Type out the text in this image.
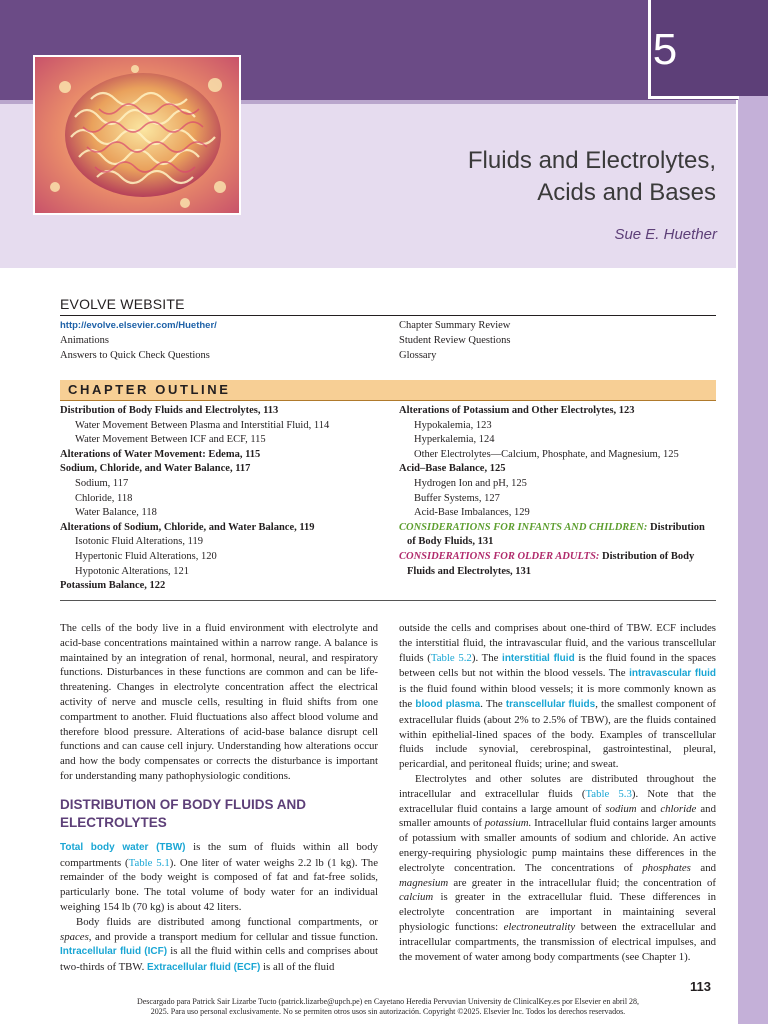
5
Fluids and Electrolytes,
Acids and Bases
Sue E. Huether
EVOLVE WEBSITE
http://evolve.elsevier.com/Huether/
Animations
Answers to Quick Check Questions
Chapter Summary Review
Student Review Questions
Glossary
CHAPTER OUTLINE
Distribution of Body Fluids and Electrolytes, 113
Water Movement Between Plasma and Interstitial Fluid, 114
Water Movement Between ICF and ECF, 115
Alterations of Water Movement: Edema, 115
Sodium, Chloride, and Water Balance, 117
Sodium, 117
Chloride, 118
Water Balance, 118
Alterations of Sodium, Chloride, and Water Balance, 119
Isotonic Fluid Alterations, 119
Hypertonic Fluid Alterations, 120
Hypotonic Alterations, 121
Potassium Balance, 122
Alterations of Potassium and Other Electrolytes, 123
Hypokalemia, 123
Hyperkalemia, 124
Other Electrolytes—Calcium, Phosphate, and Magnesium, 125
Acid–Base Balance, 125
Hydrogen Ion and pH, 125
Buffer Systems, 127
Acid-Base Imbalances, 129
CONSIDERATIONS FOR INFANTS AND CHILDREN: Distribution
of Body Fluids, 131
CONSIDERATIONS FOR OLDER ADULTS: Distribution of Body
Fluids and Electrolytes, 131
The cells of the body live in a fluid environment with electrolyte and acid-base concentrations maintained within a narrow range. A balance is maintained by an integration of renal, hormonal, neural, and respiratory functions. Disturbances in these functions are common and can be life-threatening. Changes in electrolyte concentration affect the electrical activity of nerve and muscle cells, resulting in fluid shifts from one compartment to another. Fluid fluctuations also affect blood volume and therefore blood pressure. Alterations of acid-base balance disrupt cell functions and can cause cell injury. Understanding how alterations occur and how the body compensates or corrects the disturbance is important for understanding many pathophysiologic conditions.
DISTRIBUTION OF BODY FLUIDS AND ELECTROLYTES
Total body water (TBW) is the sum of fluids within all body compartments (Table 5.1). One liter of water weighs 2.2 lb (1 kg). The remainder of the body weight is composed of fat and fat-free solids, particularly bone. The total volume of body water for an individual weighing 154 lb (70 kg) is about 42 liters.
Body fluids are distributed among functional compartments, or spaces, and provide a transport medium for cellular and tissue function. Intracellular fluid (ICF) is all the fluid within cells and comprises about two-thirds of TBW. Extracellular fluid (ECF) is all of the fluid
outside the cells and comprises about one-third of TBW. ECF includes the interstitial fluid, the intravascular fluid, and the various transcellular fluids (Table 5.2). The interstitial fluid is the fluid found in the spaces between cells but not within the blood vessels. The intravascular fluid is the fluid found within blood vessels; it is more commonly known as the blood plasma. The transcellular fluids, the smallest component of extracellular fluids (about 2% to 2.5% of TBW), are the fluids contained within epithelial-lined spaces of the body. Examples of transcellular fluids include synovial, cerebrospinal, gastrointestinal, pleural, pericardial, and peritoneal fluids; urine; and sweat.
Electrolytes and other solutes are distributed throughout the intracellular and extracellular fluids (Table 5.3). Note that the extracellular fluid contains a large amount of sodium and chloride and smaller amounts of potassium. Intracellular fluid contains larger amounts of potassium with smaller amounts of sodium and chloride. An active energy-requiring physiologic pump maintains these differences in the electrolyte concentration. The concentrations of phosphates and magnesium are greater in the intracellular fluid; the concentration of calcium is greater in the extracellular fluid. These differences in electrolyte concentration are important in maintaining several physiologic functions: electroneutrality between the extracellular and intracellular compartments, the transmission of electrical impulses, and the movement of water among body compartments (see Chapter 1).
113
Descargado para Patrick Sair Lizarbe Tucto (patrick.lizarbe@upch.pe) en Cayetano Heredia Pervuvian University de ClinicalKey.es por Elsevier en abril 28,
2025. Para uso personal exclusivamente. No se permiten otros usos sin autorización. Copyright ©2025. Elsevier Inc. Todos los derechos reservados.
